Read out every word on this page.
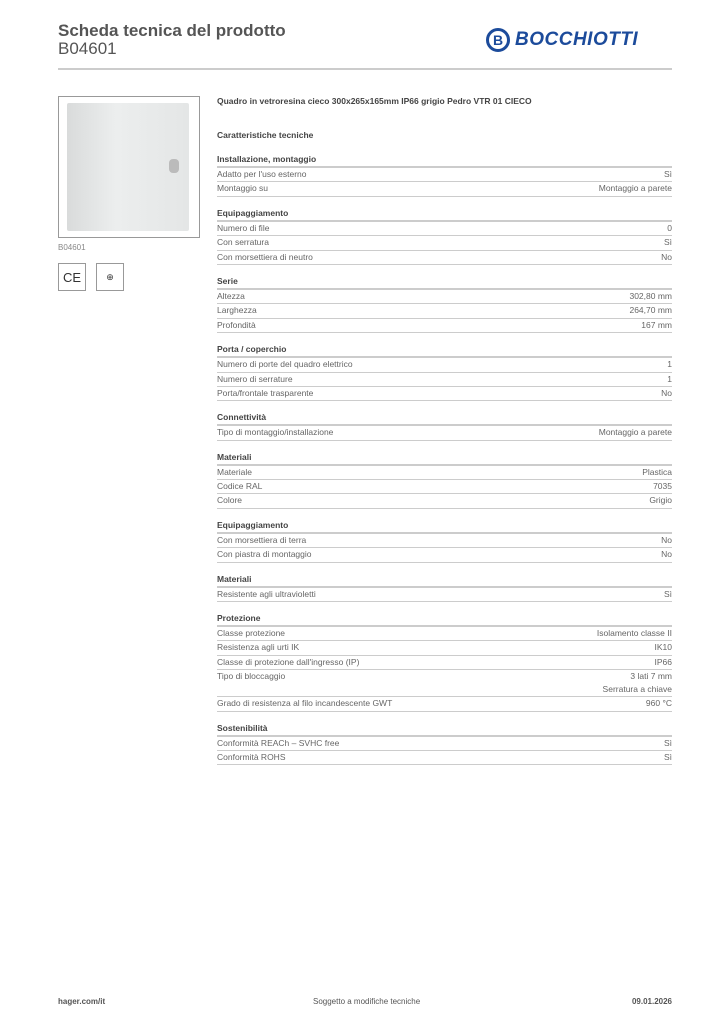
Scheda tecnica del prodotto
B04601	B BOCCHIOTTI
B04601
CE	⊕
Quadro in vetroresina cieco 300x265x165mm IP66 grigio Pedro VTR 01 CIECO
Caratteristiche tecniche
Installazione, montaggio
Adatto per l'uso esterno	Sì
Montaggio su	Montaggio a parete
Equipaggiamento
Numero di file	0
Con serratura	Sì
Con morsettiera di neutro	No
Serie
Altezza	302,80 mm
Larghezza	264,70 mm
Profondità	167 mm
Porta / coperchio
Numero di porte del quadro elettrico	1
Numero di serrature	1
Porta/frontale trasparente	No
Connettività
Tipo di montaggio/installazione	Montaggio a parete
Materiali
Materiale	Plastica
Codice RAL	7035
Colore	Grigio
Equipaggiamento
Con morsettiera di terra	No
Con piastra di montaggio	No
Materiali
Resistente agli ultravioletti	Sì
Protezione
Classe protezione	Isolamento classe II
Resistenza agli urti IK	IK10
Classe di protezione dall'ingresso (IP)	IP66
Tipo di bloccaggio	3 lati 7 mm
Serratura a chiave
Grado di resistenza al filo incandescente GWT	960 °C
Sostenibilità
Conformità REACh – SVHC free	Sì
Conformità ROHS	Sì
hager.com/it	Soggetto a modifiche tecniche	09.01.2026
